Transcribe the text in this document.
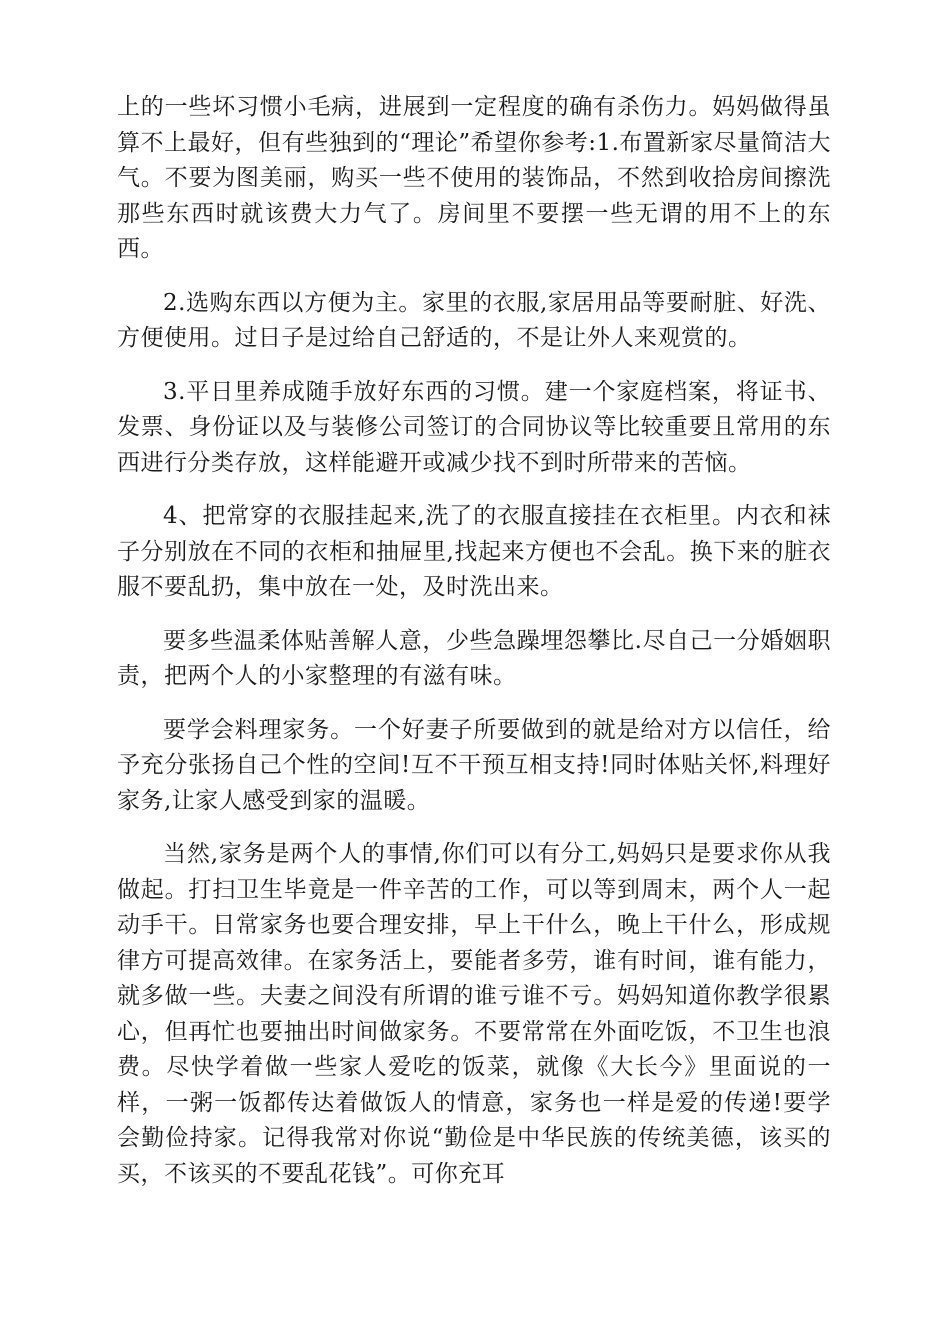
上的一些坏习惯小毛病，进展到一定程度的确有杀伤力。妈妈做得虽算不上最好，但有些独到的“理论”希望你参考:1.布置新家尽量简洁大气。不要为图美丽，购买一些不使用的装饰品，不然到收拾房间擦洗那些东西时就该费大力气了。房间里不要摆一些无谓的用不上的东西。

2.选购东西以方便为主。家里的衣服,家居用品等要耐脏、好洗、方便使用。过日子是过给自己舒适的，不是让外人来观赏的。

3.平日里养成随手放好东西的习惯。建一个家庭档案，将证书、发票、身份证以及与装修公司签订的合同协议等比较重要且常用的东西进行分类存放，这样能避开或减少找不到时所带来的苦恼。

4、把常穿的衣服挂起来,洗了的衣服直接挂在衣柜里。内衣和袜子分别放在不同的衣柜和抽屉里,找起来方便也不会乱。换下来的脏衣服不要乱扔，集中放在一处，及时洗出来。

要多些温柔体贴善解人意，少些急躁埋怨攀比.尽自己一分婚姻职责，把两个人的小家整理的有滋有味。

要学会料理家务。一个好妻子所要做到的就是给对方以信任，给予充分张扬自己个性的空间!互不干预互相支持!同时体贴关怀,料理好家务,让家人感受到家的温暖。

当然,家务是两个人的事情,你们可以有分工,妈妈只是要求你从我做起。打扫卫生毕竟是一件辛苦的工作，可以等到周末，两个人一起动手干。日常家务也要合理安排，早上干什么，晚上干什么，形成规律方可提高效律。在家务活上，要能者多劳，谁有时间，谁有能力，就多做一些。夫妻之间没有所谓的谁亏谁不亏。妈妈知道你教学很累心，但再忙也要抽出时间做家务。不要常常在外面吃饭，不卫生也浪费。尽快学着做一些家人爱吃的饭菜，就像《大长今》里面说的一样，一粥一饭都传达着做饭人的情意，家务也一样是爱的传递!要学会勤俭持家。记得我常对你说“勤俭是中华民族的传统美德，该买的买，不该买的不要乱花钱”。可你充耳
